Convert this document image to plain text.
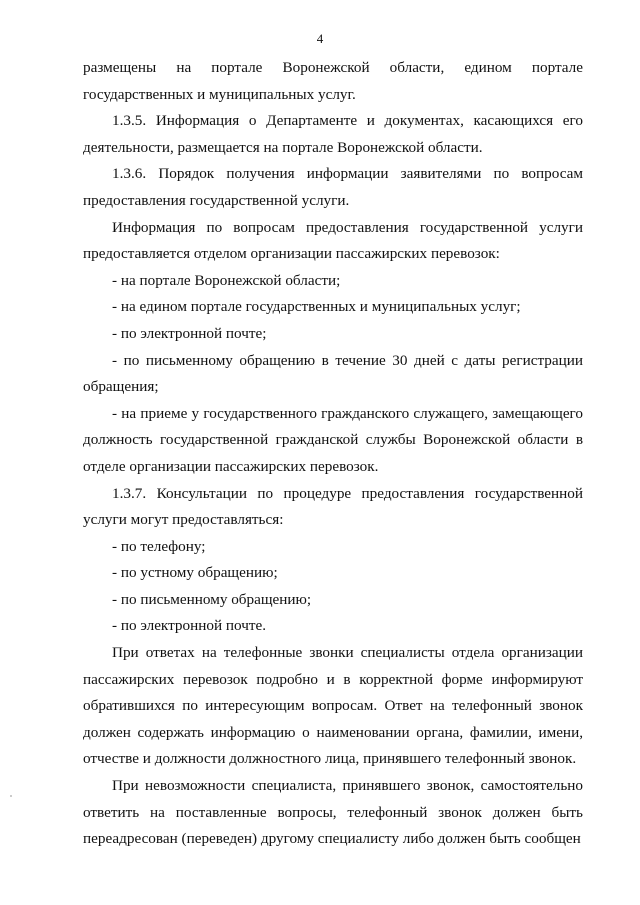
4

размещены на портале Воронежской области, едином портале государственных и муниципальных услуг.

1.3.5. Информация о Департаменте и документах, касающихся его деятельности, размещается на портале Воронежской области.

1.3.6. Порядок получения информации заявителями по вопросам предоставления государственной услуги.

Информация по вопросам предоставления государственной услуги предоставляется отделом организации пассажирских перевозок:

- на портале Воронежской области;

- на едином портале государственных и муниципальных услуг;

- по электронной почте;

- по письменному обращению в течение 30 дней с даты регистрации обращения;

- на приеме у государственного гражданского служащего, замещающего должность государственной гражданской службы Воронежской области в отделе организации пассажирских перевозок.

1.3.7. Консультации по процедуре предоставления государственной услуги могут предоставляться:

- по телефону;

- по устному обращению;

- по письменному обращению;

- по электронной почте.

При ответах на телефонные звонки специалисты отдела организации пассажирских перевозок подробно и в корректной форме информируют обратившихся по интересующим вопросам. Ответ на телефонный звонок должен содержать информацию о наименовании органа, фамилии, имени, отчестве и должности должностного лица, принявшего телефонный звонок.

При невозможности специалиста, принявшего звонок, самостоятельно ответить на поставленные вопросы, телефонный звонок должен быть переадресован (переведен) другому специалисту либо должен быть сообщен
